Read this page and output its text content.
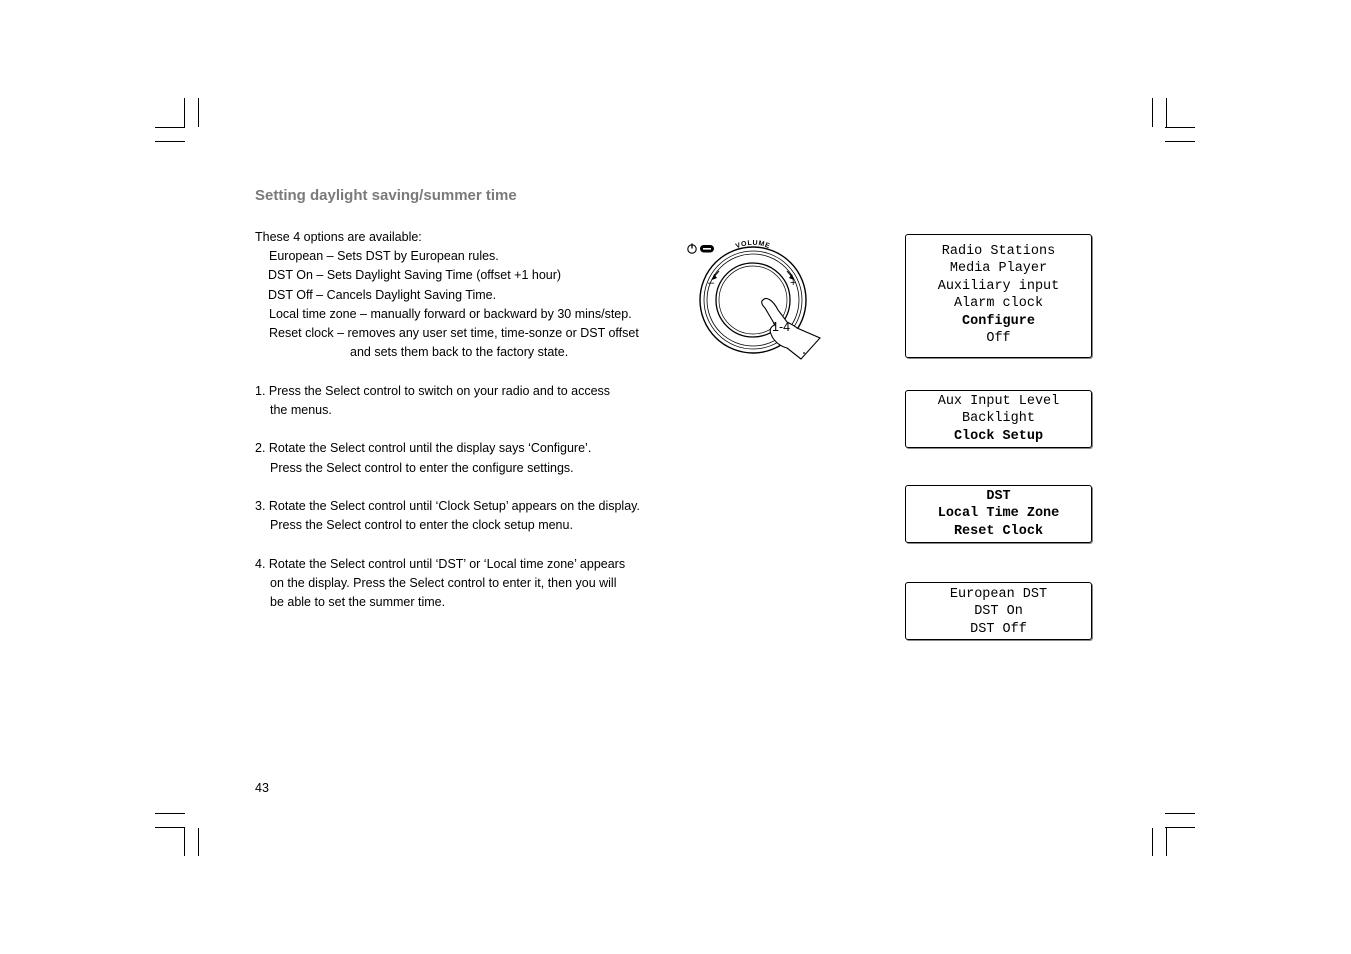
Setting daylight saving/summer time
These 4 options are available:
European – Sets DST by European rules.
DST On – Sets Daylight Saving Time (offset +1 hour)
DST Off – Cancels Daylight Saving Time.
Local time zone – manually forward or backward by 30 mins/step.
Reset clock – removes any user set time, time-sonze or DST offset
and sets them back to the factory state.
1. Press the Select control to switch on your radio and to access
the menus.
2. Rotate the Select control until the display says ‘Configure’.
Press the Select control to enter the configure settings.
3. Rotate the Select control until ‘Clock Setup’ appears on the display.
Press the Select control to enter the clock setup menu.
4. Rotate the Select control until ‘DST’ or ‘Local time zone’ appears
on the display. Press the Select control to enter it, then you will
be able to set the summer time.
43
VOLUME
–	+
1-4
Radio Stations
Media Player
Auxiliary input
Alarm clock
Configure
Off
Aux Input Level
Backlight
Clock Setup
DST
Local Time Zone
Reset Clock
European DST
DST On
DST Off
